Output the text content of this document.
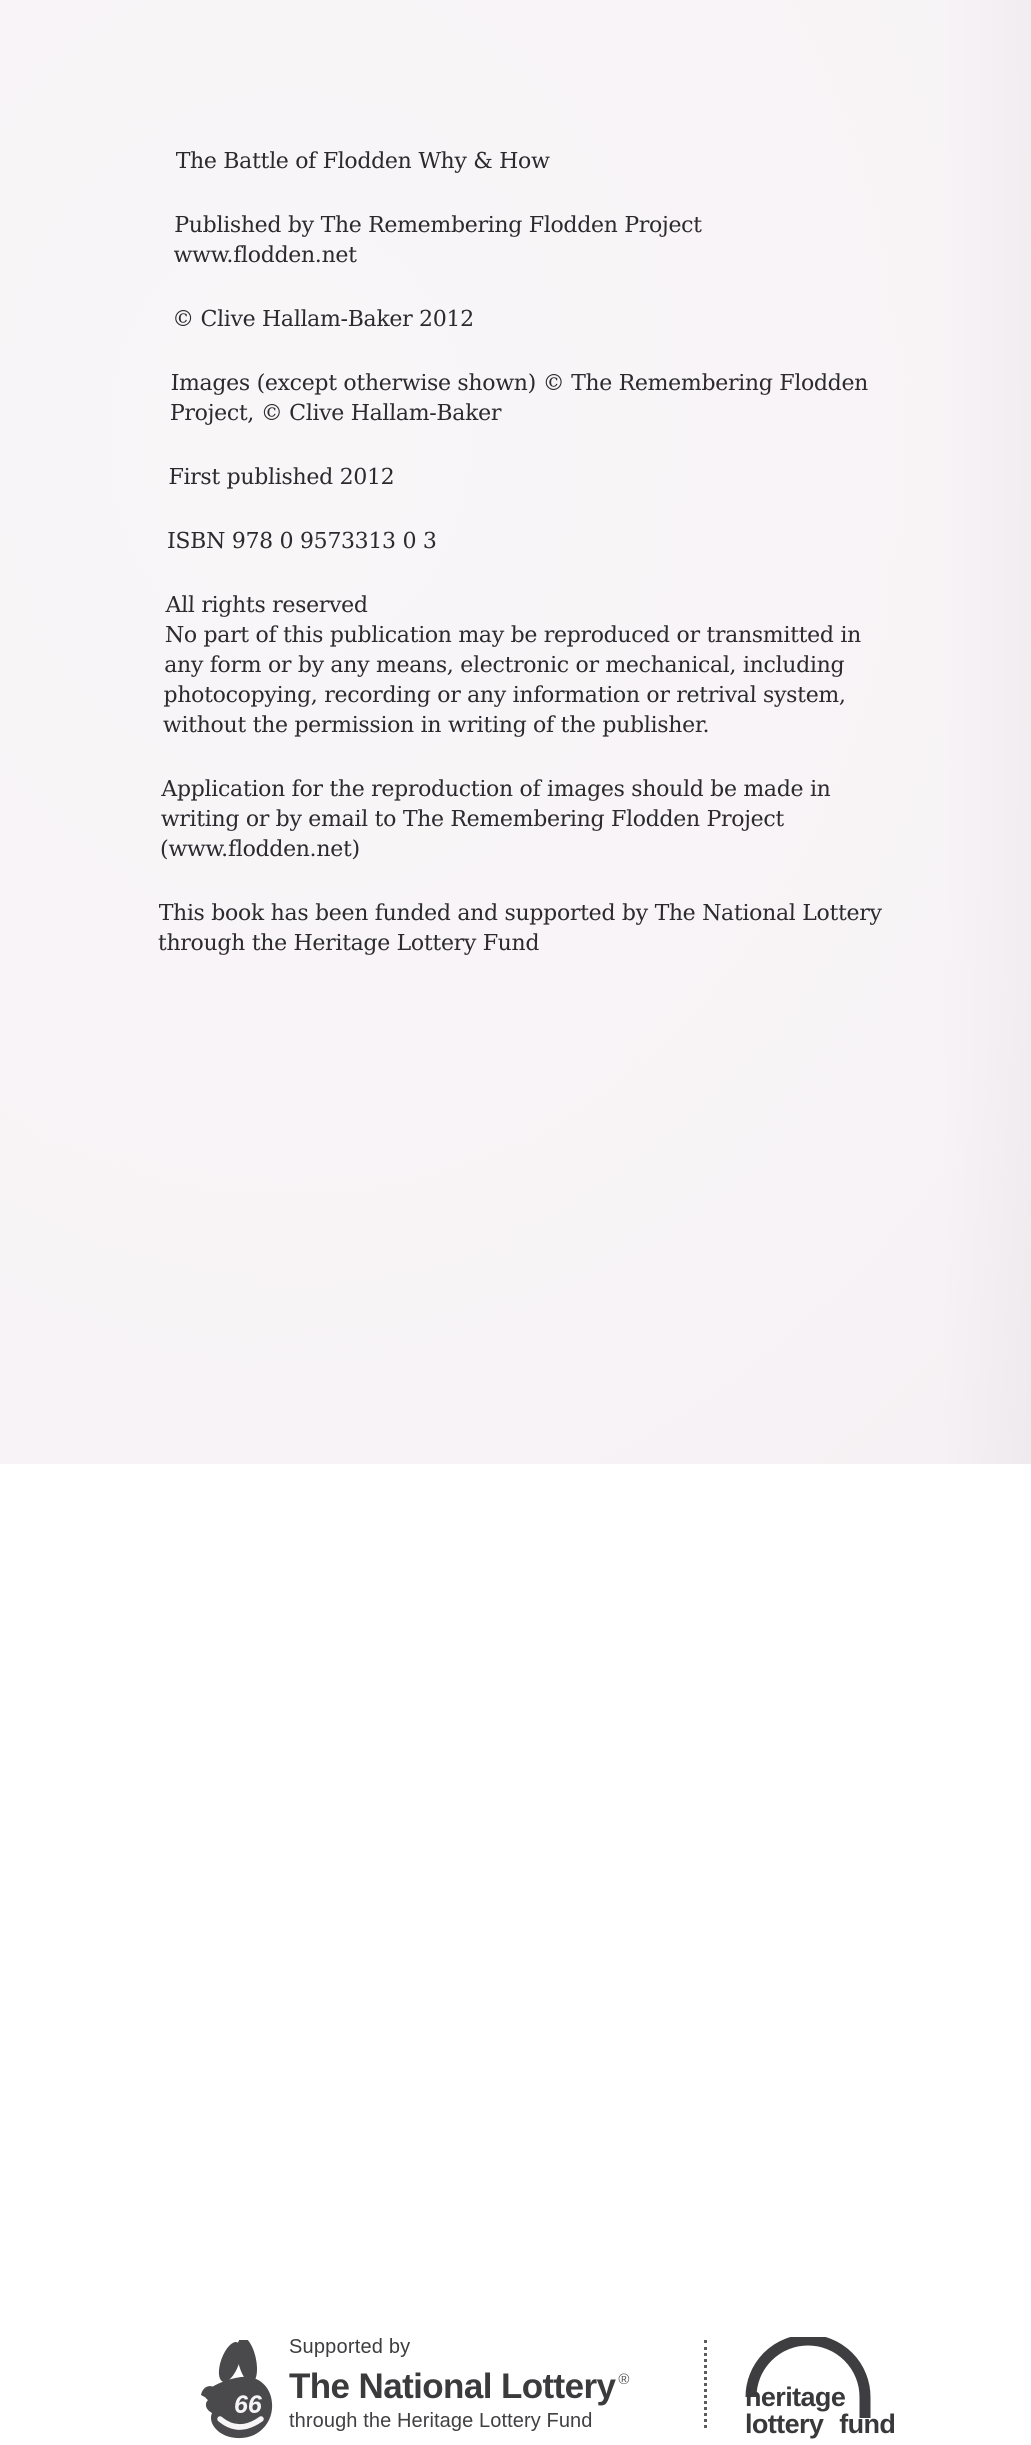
The Battle of Flodden Why & How

Published by The Remembering Flodden Project
www.flodden.net

© Clive Hallam-Baker 2012

Images (except otherwise shown) © The Remembering Flodden
Project, © Clive Hallam-Baker

First published 2012

ISBN 978 0 9573313 0 3

All rights reserved
No part of this publication may be reproduced or transmitted in
any form or by any means, electronic or mechanical, including
photocopying, recording or any information or retrival system,
without the permission in writing of the publisher.

Application for the reproduction of images should be made in
writing or by email to The Remembering Flodden Project
(www.flodden.net)

This book has been funded and supported by The National Lottery
through the Heritage Lottery Fund

66
Supported by
The National Lottery ®
through the Heritage Lottery Fund
heritage
lottery fund
